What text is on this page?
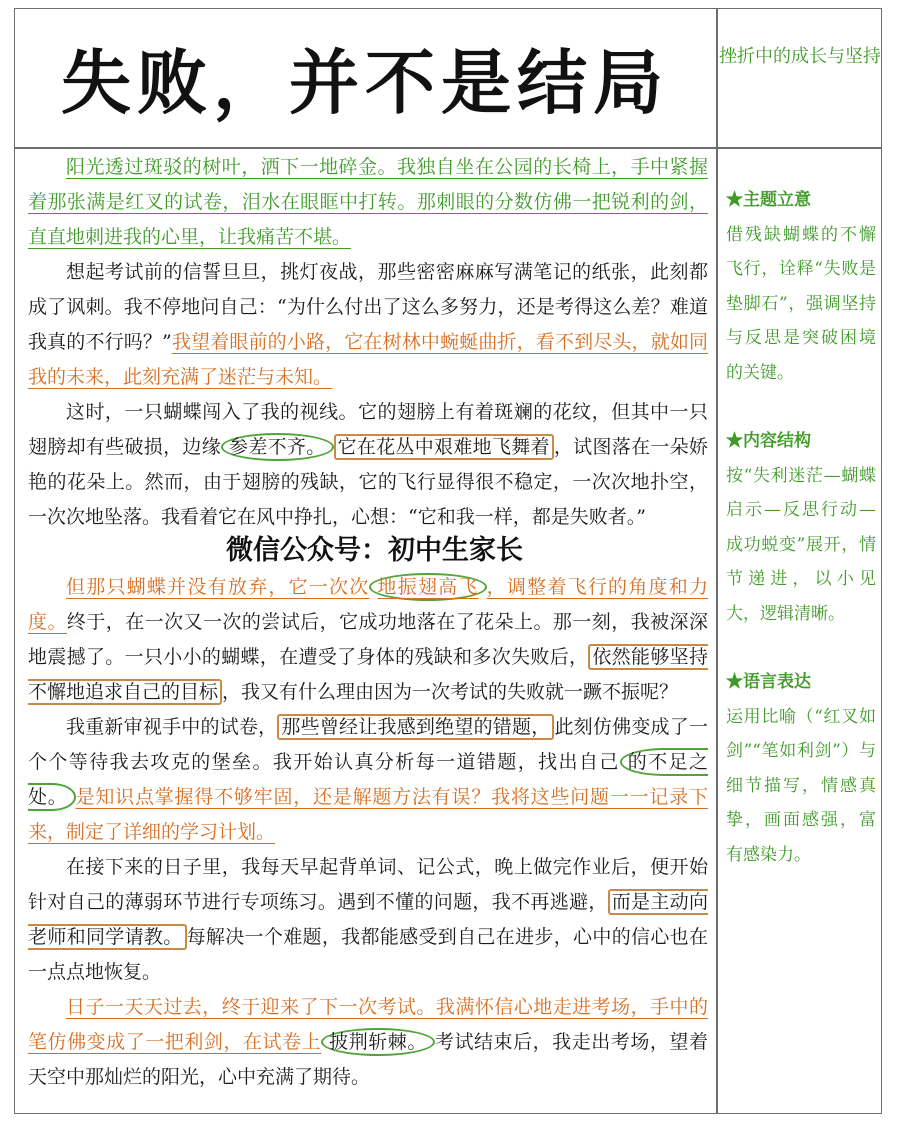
失败，并不是结局	挫折中的成长与坚持

阳光透过斑驳的树叶，洒下一地碎金。我独自坐在公园的长椅上，手中紧握着那张满是红叉的试卷，泪水在眼眶中打转。那刺眼的分数仿佛一把锐利的剑，直直地刺进我的心里，让我痛苦不堪。

想起考试前的信誓旦旦，挑灯夜战，那些密密麻麻写满笔记的纸张，此刻都成了讽刺。我不停地问自己：“为什么付出了这么多努力，还是考得这么差？难道我真的不行吗？”我望着眼前的小路，它在树林中蜿蜒曲折，看不到尽头，就如同我的未来，此刻充满了迷茫与未知。

这时，一只蝴蝶闯入了我的视线。它的翅膀上有着斑斓的花纹，但其中一只翅膀却有些破损，边缘 参差不齐。 它在花丛中艰难地飞舞着 ，试图落在一朵娇艳的花朵上。然而，由于翅膀的残缺，它的飞行显得很不稳定，一次次地扑空，一次次地坠落。我看着它在风中挣扎，心想：“它和我一样，都是失败者。”

但那只蝴蝶并没有放弃，它一次次 地振翅高飞 ，调整着飞行的角度和力度。终于，在一次又一次的尝试后，它成功地落在了花朵上。那一刻，我被深深地震撼了。一只小小的蝴蝶，在遭受了身体的残缺和多次失败后， 依然能够坚持不懈地追求自己的目标 ，我又有什么理由因为一次考试的失败就一蹶不振呢？

我重新审视手中的试卷， 那些曾经让我感到绝望的错题， 此刻仿佛变成了一个个等待我去攻克的堡垒。我开始认真分析每一道错题，找出自己 的不足之处。 是知识点掌握得不够牢固，还是解题方法有误？我将这些问题一一记录下来，制定了详细的学习计划。

在接下来的日子里，我每天早起背单词、记公式，晚上做完作业后，便开始针对自己的薄弱环节进行专项练习。遇到不懂的问题，我不再逃避， 而是主动向老师和同学请教。 每解决一个难题，我都能感受到自己在进步，心中的信心也在一点点地恢复。

日子一天天过去，终于迎来了下一次考试。我满怀信心地走进考场，手中的笔仿佛变成了一把利剑，在试卷上 披荆斩棘。 考试结束后，我走出考场，望着天空中那灿烂的阳光，心中充满了期待。

微信公众号：初中生家长
★主题立意
借残缺蝴蝶的不懈飞行，诠释“失败是垫脚石”，强调坚持与反思是突破困境的关键。
★内容结构
按“失利迷茫—蝴蝶启示—反思行动—成功蜕变”展开，情节递进，以小见大，逻辑清晰。
★语言表达
运用比喻（“红叉如剑”“笔如利剑”）与细节描写，情感真挚，画面感强，富有感染力。
